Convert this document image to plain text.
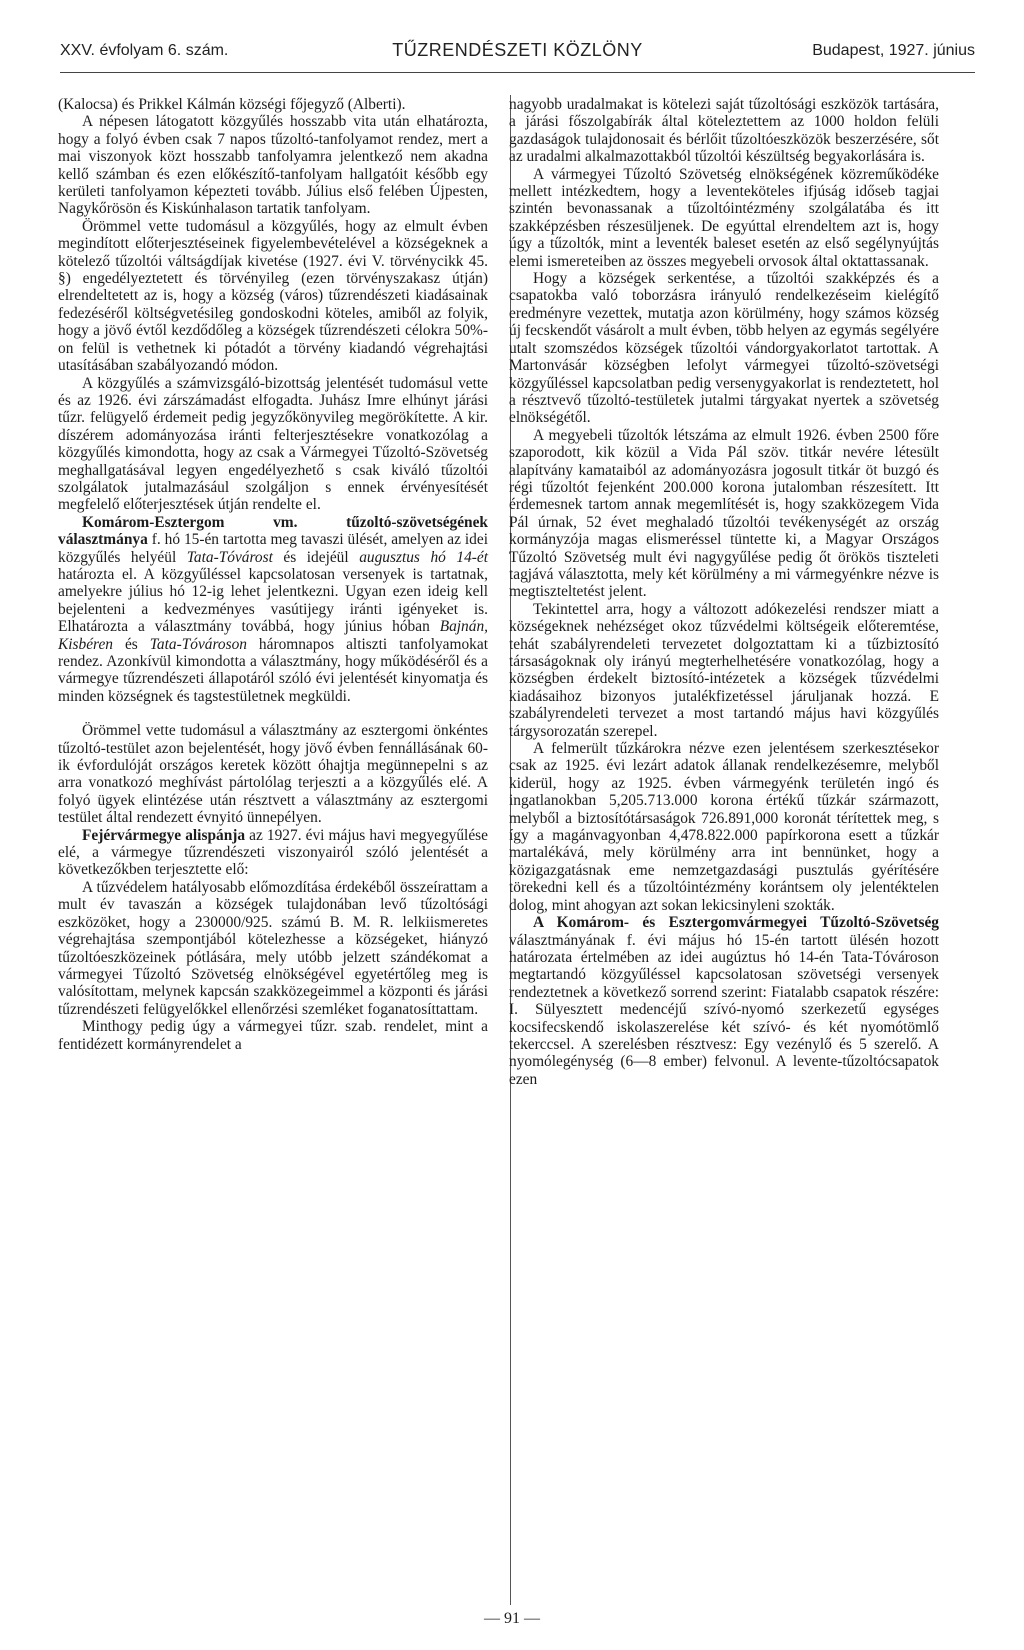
XXV. évfolyam 6. szám.	TŰZRENDÉSZETI KÖZLÖNY	Budapest, 1927. június

(Kalocsa) és Prikkel Kálmán községi főjegyző (Alberti).

A népesen látogatott közgyűlés hosszabb vita után elhatározta, hogy a folyó évben csak 7 napos tűzoltó-tanfolyamot rendez, mert a mai viszonyok közt hosszabb tanfolyamra jelentkező nem akadna kellő számban és ezen előkészítő-tanfolyam hallgatóit később egy kerületi tanfolyamon képezteti tovább. Július első felében Újpesten, Nagykőrösön és Kiskúnhalason tartatik tanfolyam.

Örömmel vette tudomásul a közgyűlés, hogy az elmult évben megindított előterjesztéseinek figyelembevételével a községeknek a kötelező tűzoltói váltságdíjak kivetése (1927. évi V. törvénycikk 45. §) engedélyeztetett és törvényileg (ezen törvényszakasz útján) elrendeltetett az is, hogy a község (város) tűzrendészeti kiadásainak fedezéséről költségvetésileg gondoskodni köteles, amiből az folyik, hogy a jövő évtől kezdődőleg a községek tűzrendészeti célokra 50%-on felül is vethetnek ki pótadót a törvény kiadandó végrehajtási utasításában szabályozandó módon.

A közgyűlés a számvizsgáló-bizottság jelentését tudomásul vette és az 1926. évi zárszámadást elfogadta. Juhász Imre elhúnyt járási tűzr. felügyelő érdemeit pedig jegyzőkönyvileg megörökítette. A kir. díszérem adományozása iránti felterjesztésekre vonatkozólag a közgyűlés kimondotta, hogy az csak a Vármegyei Tűzoltó-Szövetség meghallgatásával legyen engedélyezhető s csak kiváló tűzoltói szolgálatok jutalmazásául szolgáljon s ennek érvényesítését megfelelő előterjesztések útján rendelte el.

Komárom-Esztergom vm. tűzoltó-szövetségének választmánya f. hó 15-én tartotta meg tavaszi ülését, amelyen az idei közgyűlés helyéül Tata-Tóvárost és idejéül augusztus hó 14-ét határozta el. A közgyűléssel kapcsolatosan versenyek is tartatnak, amelyekre július hó 12-ig lehet jelentkezni. Ugyan ezen ideig kell bejelenteni a kedvezményes vasútijegy iránti igényeket is. Elhatározta a választmány továbbá, hogy június hóban Bajnán, Kisbéren és Tata-Tóvároson háromnapos altiszti tanfolyamokat rendez. Azonkívül kimondotta a választmány, hogy működéséről és a vármegye tűzrendészeti állapotáról szóló évi jelentését kinyomatja és minden községnek és tagstestületnek megküldi.

Örömmel vette tudomásul a választmány az esztergomi önkéntes tűzoltó-testület azon bejelentését, hogy jövő évben fennállásának 60-ik évfordulóját országos keretek között óhajtja megünnepelni s az arra vonatkozó meghívást pártolólag terjeszti a a közgyűlés elé. A folyó ügyek elintézése után résztvett a választmány az esztergomi testület által rendezett évnyitó ünnepélyen.

Fejérvármegye alispánja az 1927. évi május havi megyegyűlése elé, a vármegye tűzrendészeti viszonyairól szóló jelentését a következőkben terjesztette elő:

A tűzvédelem hatályosabb előmozdítása érdekéből összeírattam a mult év tavaszán a községek tulajdonában levő tűzoltósági eszközöket, hogy a 230000/925. számú B. M. R. lelkiismeretes végrehajtása szempontjából kötelezhesse a községeket, hiányzó tűzoltóeszközeinek pótlására, mely utóbb jelzett szándékomat a vármegyei Tűzoltó Szövetség elnökségével egyetértőleg meg is valósítottam, melynek kapcsán szakközegeimmel a központi és járási tűzrendészeti felügyelőkkel ellenőrzési szemléket foganatosíttattam.

Minthogy pedig úgy a vármegyei tűzr. szab. rendelet, mint a fentidézett kormányrendelet a

nagyobb uradalmakat is kötelezi saját tűzoltósági eszközök tartására, a járási főszolgabírák által köteleztettem az 1000 holdon felüli gazdaságok tulajdonosait és bérlőit tűzoltóeszközök beszerzésére, sőt az uradalmi alkalmazottakból tűzoltói készültség begyakorlására is.

A vármegyei Tűzoltó Szövetség elnökségének közreműködéke mellett intézkedtem, hogy a leventeköteles ifjúság időseb tagjai szintén bevonassanak a tűzoltóintézmény szolgálatába és itt szakképzésben részesüljenek. De egyúttal elrendeltem azt is, hogy úgy a tűzoltók, mint a leventék baleset esetén az első segélynyújtás elemi ismereteiben az összes megyebeli orvosok által oktattassanak.

Hogy a községek serkentése, a tűzoltói szakképzés és a csapatokba való toborzásra irányuló rendelkezéseim kielégítő eredményre vezettek, mutatja azon körülmény, hogy számos község új fecskendőt vásárolt a mult évben, több helyen az egymás segélyére utalt szomszédos községek tűzoltói vándorgyakorlatot tartottak. A Martonvásár községben lefolyt vármegyei tűzoltó-szövetségi közgyűléssel kapcsolatban pedig versenygyakorlat is rendeztetett, hol a résztvevő tűzoltó-testületek jutalmi tárgyakat nyertek a szövetség elnökségétől.

A megyebeli tűzoltók létszáma az elmult 1926. évben 2500 főre szaporodott, kik közül a Vida Pál szöv. titkár nevére létesült alapítvány kamataiból az adományozásra jogosult titkár öt buzgó és régi tűzoltót fejenként 200.000 korona jutalomban részesített. Itt érdemesnek tartom annak megemlítését is, hogy szakközegem Vida Pál úrnak, 52 évet meghaladó tűzoltói tevékenységét az ország kormányzója magas elismeréssel tüntette ki, a Magyar Országos Tűzoltó Szövetség mult évi nagygyűlése pedig őt örökös tiszteleti tagjává választotta, mely két körülmény a mi vármegyénkre nézve is megtiszteltetést jelent.

Tekintettel arra, hogy a változott adókezelési rendszer miatt a községeknek nehézséget okoz tűzvédelmi költségeik előteremtése, tehát szabályrendeleti tervezetet dolgoztattam ki a tűzbiztosító társaságoknak oly irányú megterhelhetésére vonatkozólag, hogy a községben érdekelt biztosító-intézetek a községek tűzvédelmi kiadásaihoz bizonyos jutalékfizetéssel járuljanak hozzá. E szabályrendeleti tervezet a most tartandó május havi közgyűlés tárgysorozatán szerepel.

A felmerült tűzkárokra nézve ezen jelentésem szerkesztésekor csak az 1925. évi lezárt adatok állanak rendelkezésemre, melyből kiderül, hogy az 1925. évben vármegyénk területén ingó és ingatlanokban 5,205.713.000 korona értékű tűzkár származott, melyből a biztosítótársaságok 726.891,000 koronát térítettek meg, s így a magánvagyonban 4,478.822.000 papírkorona esett a tűzkár martalékává, mely körülmény arra int bennünket, hogy a közigazgatásnak eme nemzetgazdasági pusztulás gyérítésére törekedni kell és a tűzoltóintézmény korántsem oly jelentéktelen dolog, mint ahogyan azt sokan lekicsinyleni szokták.

A Komárom- és Esztergomvármegyei Tűzoltó-Szövetség választmányának f. évi május hó 15-én tartott ülésén hozott határozata értelmében az idei augúztus hó 14-én Tata-Tóvároson megtartandó közgyűléssel kapcsolatosan szövetségi versenyek rendeztetnek a következő sorrend szerint: Fiatalabb csapatok részére: I. Sülyesztett medencéjű szívó-nyomó szerkezetű egységes kocsifecskendő iskolaszerelése két szívó- és két nyomótömlő tekerccsel. A szerelésben résztvesz: Egy vezénylő és 5 szerelő. A nyomólegénység (6—8 ember) felvonul. A levente-tűzoltócsapatok ezen

— 91 —
